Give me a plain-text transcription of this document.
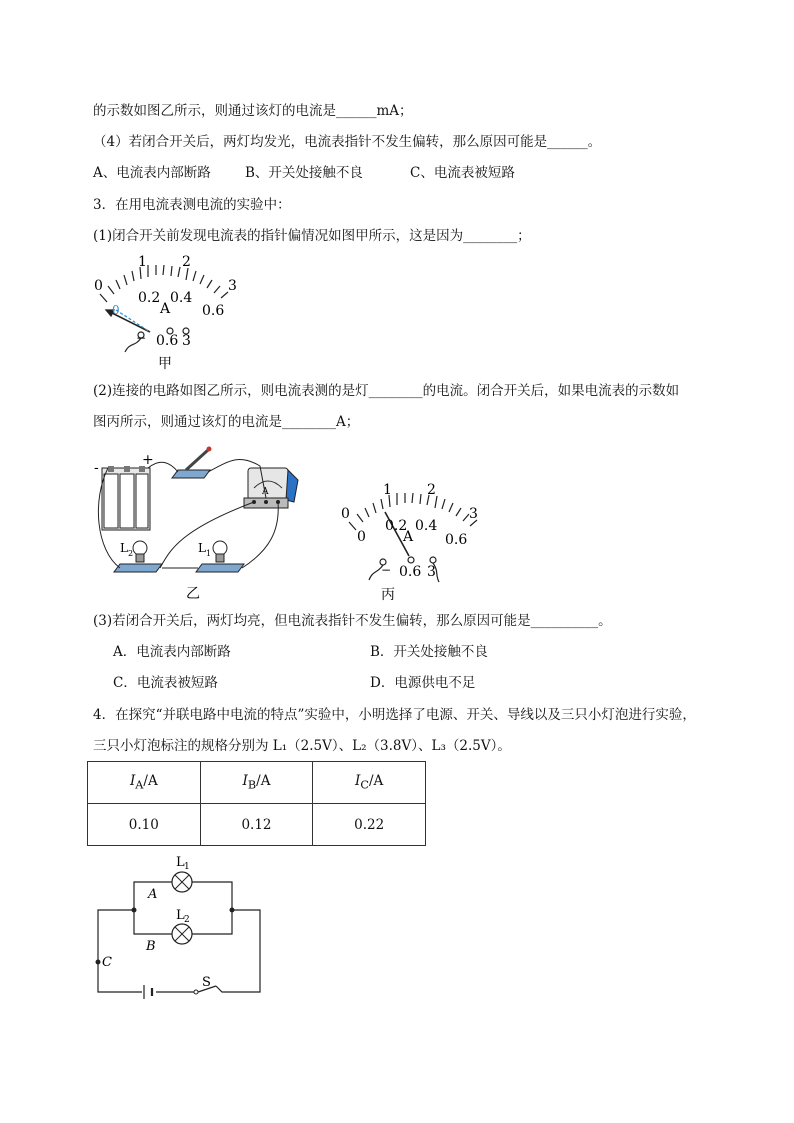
的示数如图乙所示，则通过该灯的电流是______mA；
（4）若闭合开关后，两灯均发光，电流表指针不发生偏转，那么原因可能是______。
A、电流表内部断路	B、开关处接触不良	C、电流表被短路
3．在用电流表测电流的实验中：
(1)闭合开关前发现电流表的指针偏情况如图甲所示，这是因为________；
0
1	2
3
0.2 0.4
0.6
0	A
− 0.6 3
甲
(2)连接的电路如图乙所示，则电流表测的是灯________的电流。闭合开关后，如果电流表的示数如
图丙所示，则通过该灯的电流是________A；
-	+
A
L 2	L 1
乙
0
1	2
3
0
0.2 0.4
0.6
A
− 0.6 3
丙
(3)若闭合开关后，两灯均亮，但电流表指针不发生偏转，那么原因可能是__________。
A．电流表内部断路	B．开关处接触不良
C．电流表被短路	D．电源供电不足
4．在探究“并联电路中电流的特点”实验中，小明选择了电源、开关、导线以及三只小灯泡进行实验，
三只小灯泡标注的规格分别为 L₁（2.5V）、L₂（3.8V）、L₃（2.5V）。
$I_A/A$	$I_B/A$	$I_C/A$
0.10	0.12	0.22
L 1
L 2
A
B
C
S
